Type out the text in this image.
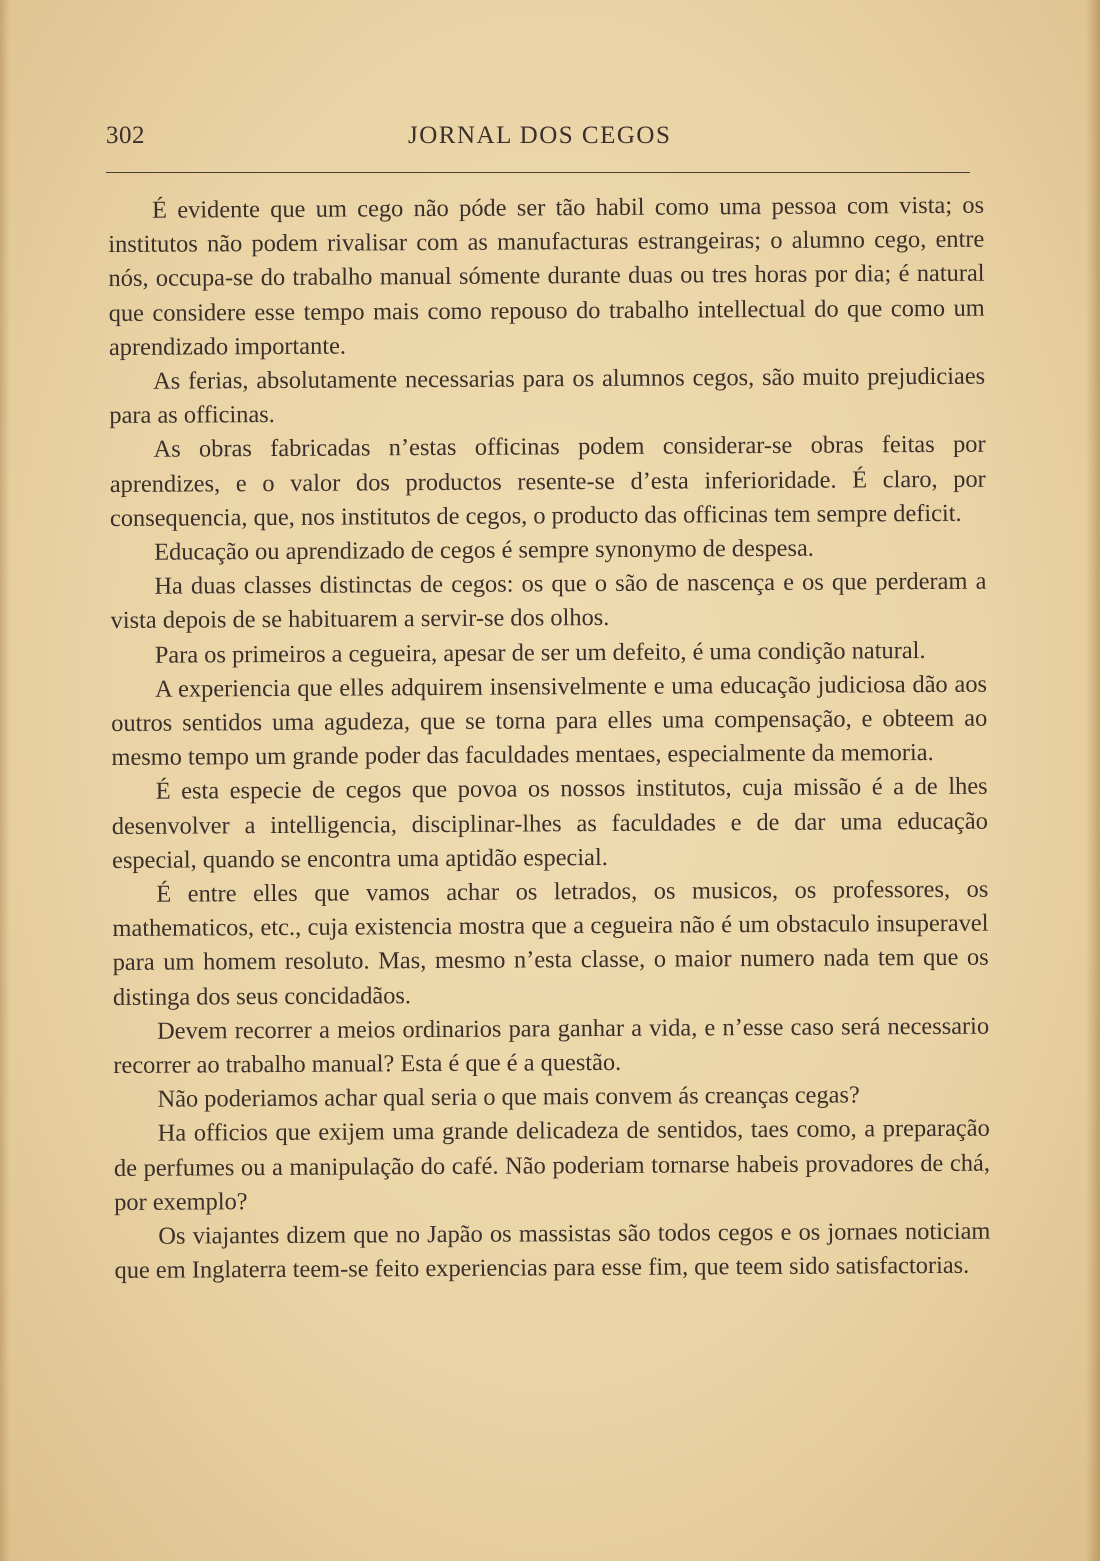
302	JORNAL DOS CEGOS

É evidente que um cego não póde ser tão habil como uma pessoa com vista; os institutos não podem rivalisar com as manufacturas estrangeiras; o alumno cego, entre nós, occupa-se do trabalho manual sómente durante duas ou tres horas por dia; é natural que considere esse tempo mais como repouso do trabalho intellectual do que como um aprendizado importante.

As ferias, absolutamente necessarias para os alumnos cegos, são muito prejudiciaes para as officinas.

As obras fabricadas n’estas officinas podem considerar-se obras feitas por aprendizes, e o valor dos productos resente-se d’esta inferioridade. É claro, por consequencia, que, nos institutos de cegos, o producto das officinas tem sempre deficit.

Educação ou aprendizado de cegos é sempre synonymo de despesa.

Ha duas classes distinctas de cegos: os que o são de nascença e os que perderam a vista depois de se habituarem a servir-se dos olhos.

Para os primeiros a cegueira, apesar de ser um defeito, é uma condição natural.

A experiencia que elles adquirem insensivelmente e uma educação judiciosa dão aos outros sentidos uma agudeza, que se torna para elles uma compensação, e obteem ao mesmo tempo um grande poder das faculdades mentaes, especialmente da memoria.

É esta especie de cegos que povoa os nossos institutos, cuja missão é a de lhes desenvolver a intelligencia, disciplinar-lhes as faculdades e de dar uma educação especial, quando se encontra uma aptidão especial.

É entre elles que vamos achar os letrados, os musicos, os professores, os mathematicos, etc., cuja existencia mostra que a cegueira não é um obstaculo insuperavel para um homem resoluto. Mas, mesmo n’esta classe, o maior numero nada tem que os distinga dos seus concidadãos.

Devem recorrer a meios ordinarios para ganhar a vida, e n’esse caso será necessario recorrer ao trabalho manual? Esta é que é a questão.

Não poderiamos achar qual seria o que mais convem ás creanças cegas?

Ha officios que exijem uma grande delicadeza de sentidos, taes como, a preparação de perfumes ou a manipulação do café. Não poderiam tornarse habeis provadores de chá, por exemplo?

Os viajantes dizem que no Japão os massistas são todos cegos e os jornaes noticiam que em Inglaterra teem-se feito experiencias para esse fim, que teem sido satisfactorias.
